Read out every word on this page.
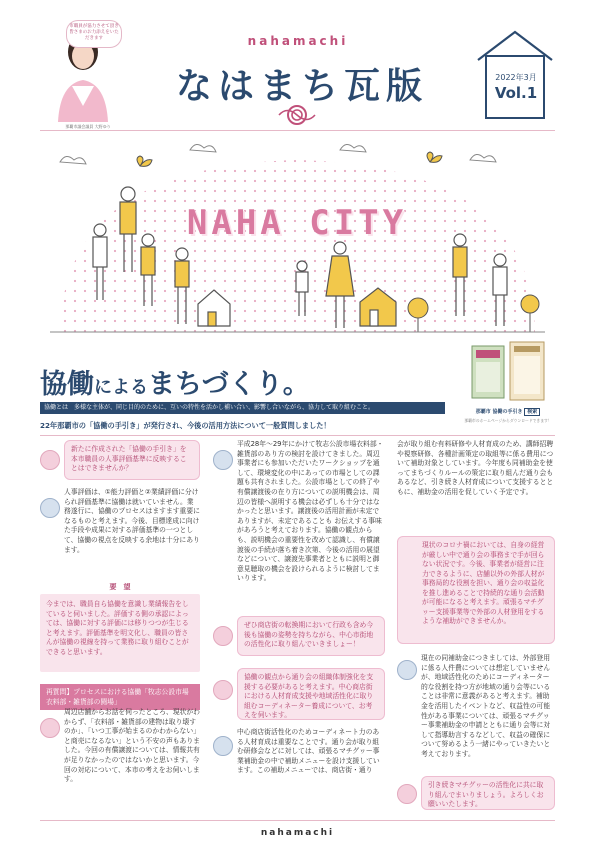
市職員が協力させて頂き皆さまのお力添えをいただきます
那覇市議会議員 大野ゆり
nahamachi
なはまち瓦版	2022年3月
Vol.1
NAHA CITY
協働によるまちづくり。
協働とは　多様な主体が、同じ目的のために、互いの特性を活かし補い合い、影響し合いながら、協力して取り組むこと。
22年那覇市の「協働の手引き」が発行され、今後の活用方法について一般質問しました！
那覇市 協働の手引き 検索
那覇市のホームページからダウンロードできます！
新たに作成された「協働の手引き」を本市職員の人事評価基準に反映することはできませんか？
人事評価は、①能力評価と②業績評価に分けられ評価基準に協働は就いていません。業務遂行に、協働のプロセスはますます重要になるものと考えます。今後、目標達成に向けた手段や成果に対する評価基準の一つとして、協働の視点を反映する余地は十分にあります。
要　望
今までは、職員自ら協働を意識し業績報告をしていると伺いました。評価する側の承認によっては、協働に対する評価には移りつつが生じると考えます。評価基準を明文化し、職員の皆さんが協働の視線を持って業務に取り組むことができると思います。
再質問】プロセスにおける協働「牧志公設市場衣料部・雑貨部の闘場」
周辺店舗からお話を伺ったところ、現状がわからず、「衣料部・雑貨部の建物は取り壊すのか」、「いつ工事が始まるのかわからない」と商売になるない」という不安の声もありました。今回の有償譲渡については、情報共有が足りなかったのではないかと思います。今回の対応について、本市の考えをお伺いします。
平成28年〜29年にかけて牧志公設市場衣料部・雑貨部のあり方の検討を設けてきました。周辺事業者にも参加いただいたワークショップを通して、環境変化の中にあっての市場としての課題も共有されました。公設市場としての終了や有償譲渡後の在り方についての説明機会は、周辺の皆様へ説明する機会は必ずしも十分ではなかったと思います。譲渡後の活用計画が未定でありますが、未定であることも お伝えする事味があろうと考えております。協働の観点からも、説明機会の重要性を改めて認識し、有償譲渡後の手続が落ち着き次第、今後の活用の展望などについて、譲渡先事業者とともに説明と御意見聴取の機会を設けられるように検討してまいります。
ぜひ商店街の転換期において行政も含め今後も協働の姿勢を持ちながら、中心市街地の活性化に取り組んでいきましょー！
協働の観点から通り会の組織体制強化を支援する必要があると考えます。中心商店街における人材育成支援や地域活性化に取り組むコーディネーター養成について、お考えを伺います。
中心商店街活性化のためコーディネート力のある人材育成は重要なことです。通り会が取り組む研修会などに対しては、頑張るマチグヮー事業補助金の中で補助メニューを設け支援しています。この補助メニューでは、商店街・通り
会が取り組む有料研修や人材育成のため、講師招聘や視察研修、各種計画策定の取組等に係る費用について補助対象としています。今年度も同補助金を使ってまちづくりルールの策定に取り組んだ通り会もあるなど、引き続き人材育成について支援するとともに、補助金の活用を促していく予定です。
現状のコロナ禍においては、自身の経営が厳しい中で通り会の事務まで手が回らない状況です。今後、事業者が経営に注力できるように、店舗以外の外部人材が事務局的な役割を担い、通り会の収益化を推し進めることで持続的な通り会活動が可能になると考えます。頑張るマチグヮー支援事業等で外部の人材登用をするような補助ができませんか。
現在の同補助金につきましては、外部登用に係る人件費については想定していませんが、地域活性化のためにコーディネーター的な役割を持つ方が地域の通り会等にいることは非常に意義があると考えます。補助金を活用したイベントなど、収益性の可能性がある事業については、頑張るマチグヮー事業補助金の申請とともに通り会等に対して指導助言するなどして、収益の確保について努めるよう一緒にやっていきたいと考えております。
引き続きマチグヮーの活性化に共に取り組んでまいりましょう。よろしくお願いいたします。
nahamachi
